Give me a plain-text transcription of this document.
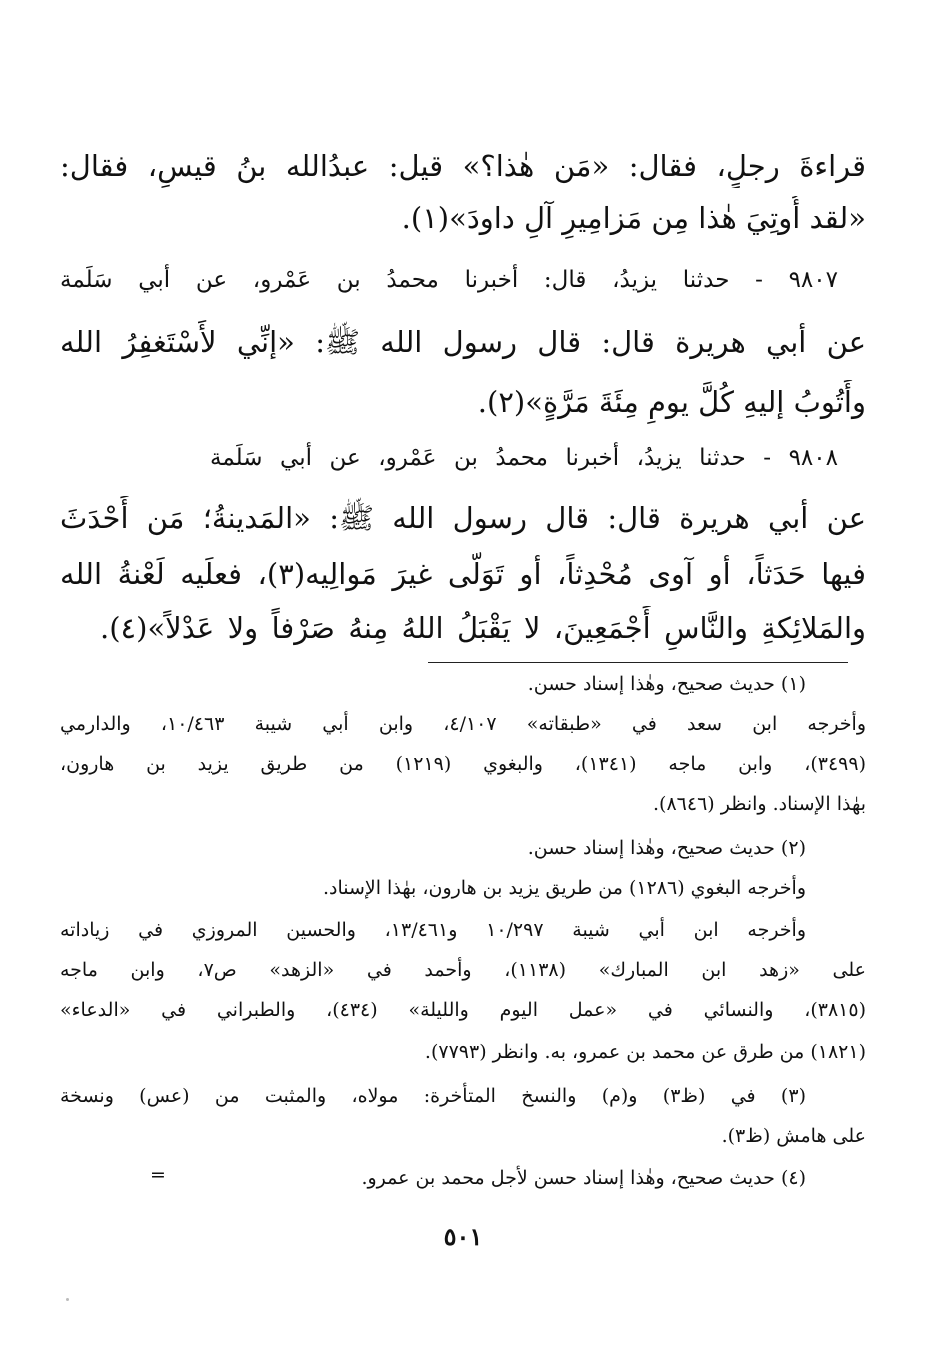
قراءةَ رجلٍ، فقال: «مَن هٰذا؟» قيل: عبدُالله بنُ قيسٍ، فقال:
«لقد أُوتِيَ هٰذا مِن مَزامِيرِ آلِ داودَ»(١).
٩٨٠٧ - حدثنا يزيدُ، قال: أخبرنا محمدُ بن عَمْرو، عن أبي سَلَمة
عن أبي هريرة قال: قال رسول الله ﷺ: «إنِّي لأَسْتَغفِرُ الله
وأَتُوبُ إليهِ كُلَّ يومٍ مِئَةَ مَرَّةٍ»(٢).
٩٨٠٨ - حدثنا يزيدُ، أخبرنا محمدُ بن عَمْرو، عن أبي سَلَمة
عن أبي هريرة قال: قال رسول الله ﷺ: «المَدينةُ؛ مَن أَحْدَثَ
فيها حَدَثاً، أو آوى مُحْدِثاً، أو تَوَلَّى غيرَ مَوالِيه(٣)، فعلَيه لَعْنةُ الله
والمَلائِكةِ والنَّاسِ أَجْمَعِينَ، لا يَقْبَلُ اللهُ مِنهُ صَرْفاً ولا عَدْلاً»(٤).
(١) حديث صحيح، وهٰذا إسناد حسن.
وأخرجه ابن سعد في «طبقاته» ٤/١٠٧، وابن أبي شيبة ١٠/٤٦٣، والدارمي
(٣٤٩٩)، وابن ماجه (١٣٤١)، والبغوي (١٢١٩) من طريق يزيد بن هارون،
بهٰذا الإسناد. وانظر (٨٦٤٦).
(٢) حديث صحيح، وهٰذا إسناد حسن.
وأخرجه البغوي (١٢٨٦) من طريق يزيد بن هارون، بهٰذا الإسناد.
وأخرجه ابن أبي شيبة ١٠/٢٩٧ و١٣/٤٦١، والحسين المروزي في زياداته
على «زهد ابن المبارك» (١١٣٨)، وأحمد في «الزهد» ص٧، وابن ماجه
(٣٨١٥)، والنسائي في «عمل اليوم والليلة» (٤٣٤)، والطبراني في «الدعاء»
(١٨٢١) من طرق عن محمد بن عمرو، به. وانظر (٧٧٩٣).
(٣) في (ظ٣) و(م) والنسخ المتأخرة: مولاه، والمثبت من (عس) ونسخة
على هامش (ظ٣).
(٤) حديث صحيح، وهٰذا إسناد حسن لأجل محمد بن عمرو.
=
٥٠١
